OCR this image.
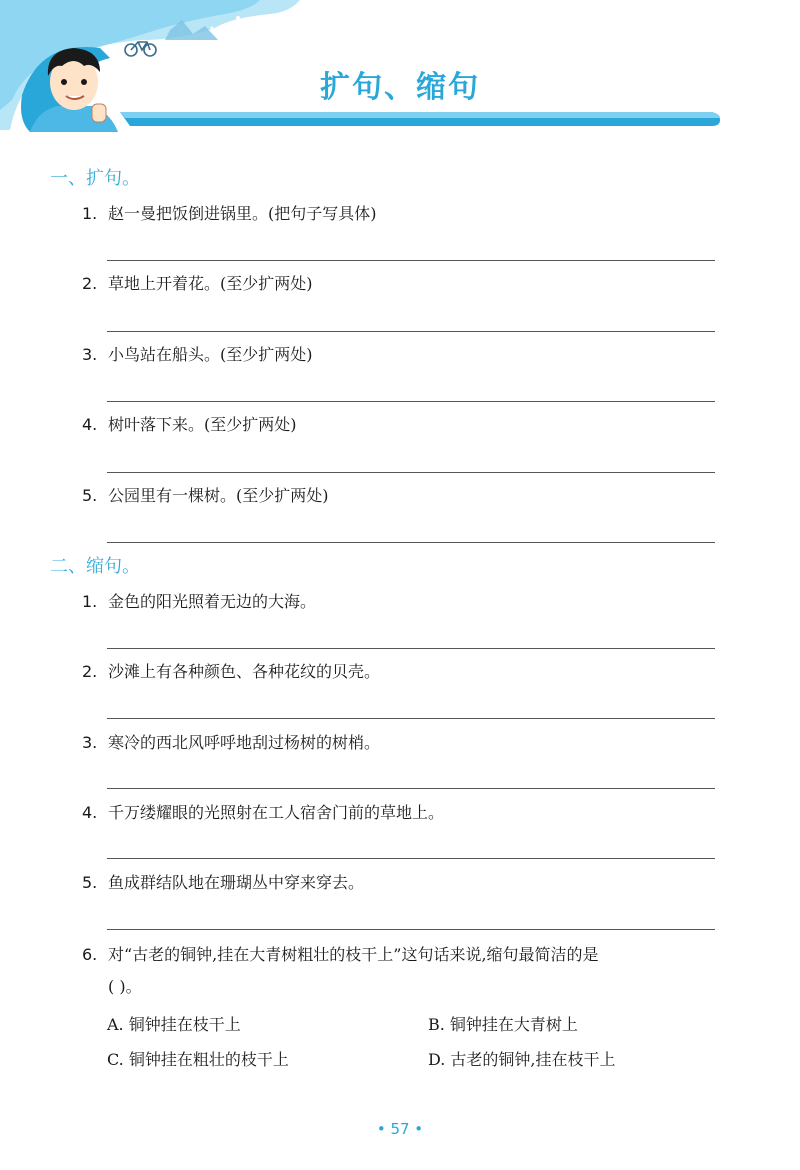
扩句、缩句
一、扩句。
1. 赵一曼把饭倒进锅里。(把句子写具体)
2. 草地上开着花。(至少扩两处)
3. 小鸟站在船头。(至少扩两处)
4. 树叶落下来。(至少扩两处)
5. 公园里有一棵树。(至少扩两处)
二、缩句。
1. 金色的阳光照着无边的大海。
2. 沙滩上有各种颜色、各种花纹的贝壳。
3. 寒冷的西北风呼呼地刮过杨树的树梢。
4. 千万缕耀眼的光照射在工人宿舍门前的草地上。
5. 鱼成群结队地在珊瑚丛中穿来穿去。
6. 对“古老的铜钟,挂在大青树粗壮的枝干上”这句话来说,缩句最简洁的是
( )。
A. 铜钟挂在枝干上	B. 铜钟挂在大青树上
C. 铜钟挂在粗壮的枝干上	D. 古老的铜钟,挂在枝干上
• 57 •
